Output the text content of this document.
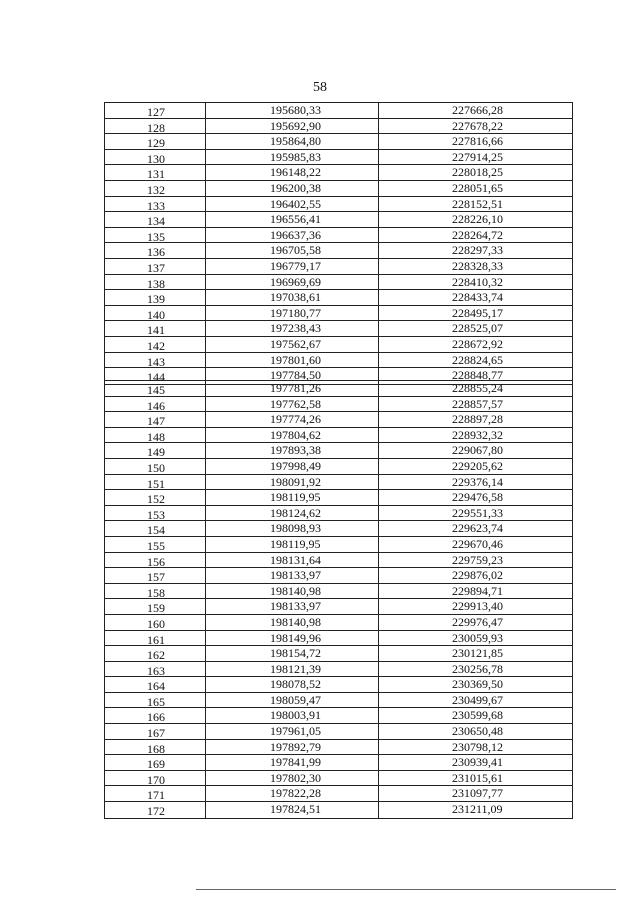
58
127	195680,33	227666,28
128	195692,90	227678,22
129	195864,80	227816,66
130	195985,83	227914,25
131	196148,22	228018,25
132	196200,38	228051,65
133	196402,55	228152,51
134	196556,41	228226,10
135	196637,36	228264,72
136	196705,58	228297,33
137	196779,17	228328,33
138	196969,69	228410,32
139	197038,61	228433,74
140	197180,77	228495,17
141	197238,43	228525,07
142	197562,67	228672,92
143	197801,60	228824,65
144	197784,50	228848,77
145	197781,26	228855,24
146	197762,58	228857,57
147	197774,26	228897,28
148	197804,62	228932,32
149	197893,38	229067,80
150	197998,49	229205,62
151	198091,92	229376,14
152	198119,95	229476,58
153	198124,62	229551,33
154	198098,93	229623,74
155	198119,95	229670,46
156	198131,64	229759,23
157	198133,97	229876,02
158	198140,98	229894,71
159	198133,97	229913,40
160	198140,98	229976,47
161	198149,96	230059,93
162	198154,72	230121,85
163	198121,39	230256,78
164	198078,52	230369,50
165	198059,47	230499,67
166	198003,91	230599,68
167	197961,05	230650,48
168	197892,79	230798,12
169	197841,99	230939,41
170	197802,30	231015,61
171	197822,28	231097,77
172	197824,51	231211,09
